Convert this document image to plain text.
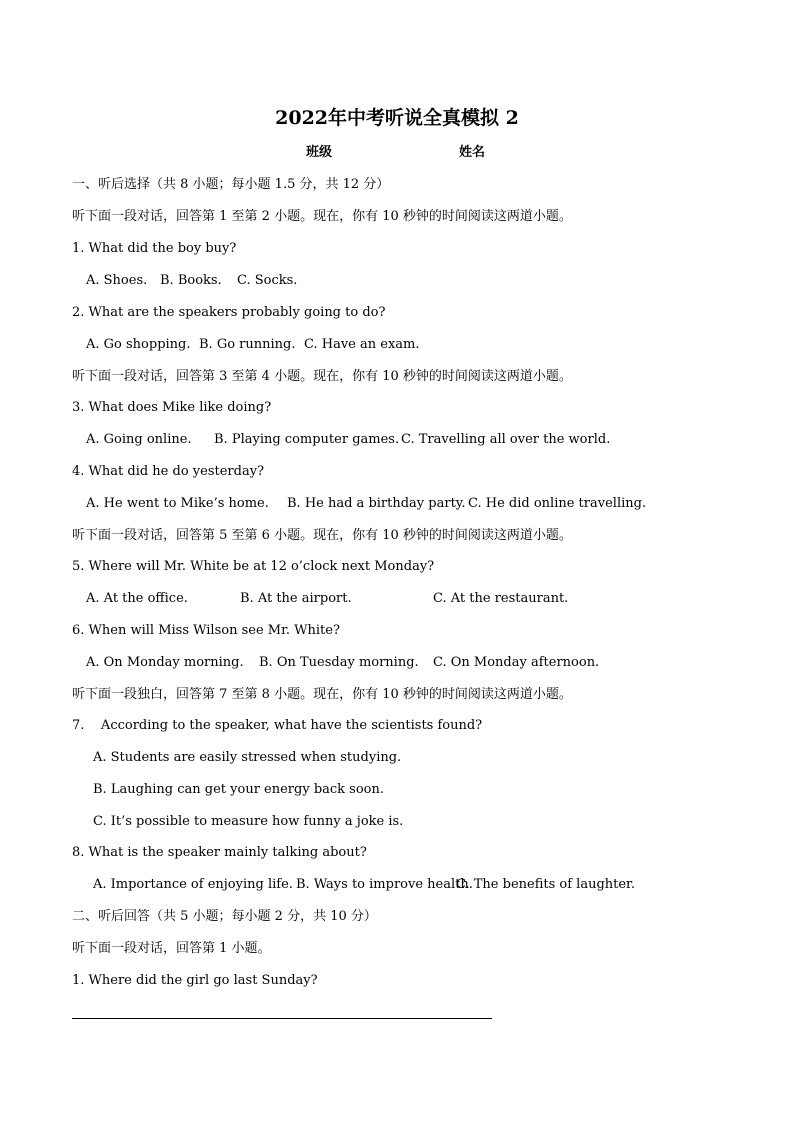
2022年中考听说全真模拟 2
班级	姓名
一、听后选择（共 8 小题；每小题 1.5 分，共 12 分）
听下面一段对话，回答第 1 至第 2 小题。现在，你有 10 秒钟的时间阅读这两道小题。
1. What did the boy buy?
A. Shoes. B. Books. C. Socks.
2. What are the speakers probably going to do?
A. Go shopping. B. Go running. C. Have an exam.
听下面一段对话，回答第 3 至第 4 小题。现在，你有 10 秒钟的时间阅读这两道小题。
3. What does Mike like doing?
A. Going online. B. Playing computer games. C. Travelling all over the world.
4. What did he do yesterday?
A. He went to Mike’s home. B. He had a birthday party. C. He did online travelling.
听下面一段对话，回答第 5 至第 6 小题。现在，你有 10 秒钟的时间阅读这两道小题。
5. Where will Mr. White be at 12 o’clock next Monday?
A. At the office.	B. At the airport.	C. At the restaurant.
6. When will Miss Wilson see Mr. White?
A. On Monday morning. B. On Tuesday morning. C. On Monday afternoon.
听下面一段独白，回答第 7 至第 8 小题。现在，你有 10 秒钟的时间阅读这两道小题。
7.    According to the speaker, what have the scientists found?
A. Students are easily stressed when studying.
B. Laughing can get your energy back soon.
C. It’s possible to measure how funny a joke is.
8. What is the speaker mainly talking about?
A. Importance of enjoying life. B. Ways to improve health.C. The benefits of laughter.
二、听后回答（共 5 小题；每小题 2 分，共 10 分）
听下面一段对话，回答第 1 小题。
1. Where did the girl go last Sunday?
